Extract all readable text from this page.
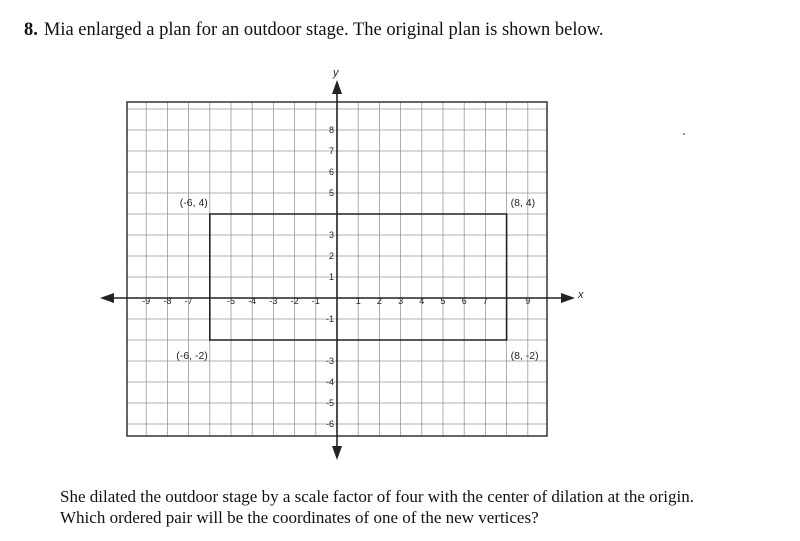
8. Mia enlarged a plan for an outdoor stage. The original plan is shown below.
-9 -8 -7	-5 -4 -3 -2 -1	1 2 3 4 5 6 7	9
8
7
6
5
3
2
1
-1
-3
-4
-5
-6
(-6, 4)	(8, 4)
(-6, -2)	(8, -2)
x
y
She dilated the outdoor stage by a scale factor of four with the center of dilation at the origin.
Which ordered pair will be the coordinates of one of the new vertices?
